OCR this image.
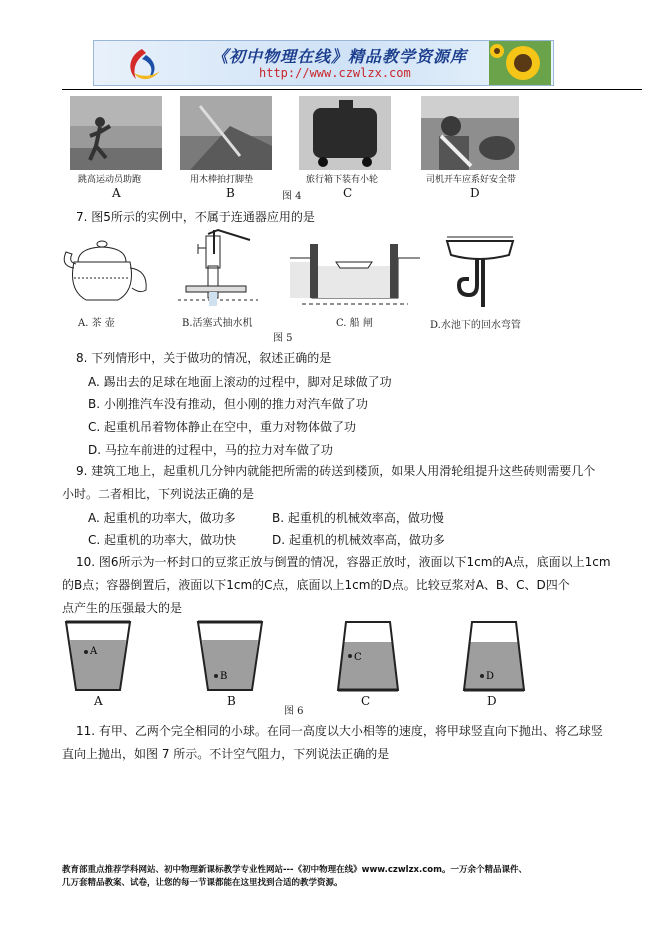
《初中物理在线》精品教学资源库
http://www.czwlzx.com
跳高运动员助跑	用木棒拍打脚垫	旅行箱下装有小轮	司机开车应系好安全带
A	B	图 4	C	D
7. 图5所示的实例中，不属于连通器应用的是
A. 茶 壶	B.活塞式抽水机	C. 船 闸	D.水池下的回水弯管
图 5
8. 下列情形中，关于做功的情况，叙述正确的是
A. 踢出去的足球在地面上滚动的过程中，脚对足球做了功
B. 小刚推汽车没有推动，但小刚的推力对汽车做了功
C. 起重机吊着物体静止在空中，重力对物体做了功
D. 马拉车前进的过程中，马的拉力对车做了功
9. 建筑工地上，起重机几分钟内就能把所需的砖送到楼顶，如果人用滑轮组提升这些砖则需要几个
小时。二者相比，下列说法正确的是
A. 起重机的功率大，做功多	B. 起重机的机械效率高，做功慢
C. 起重机的功率大，做功快	D. 起重机的机械效率高，做功多
10. 图6所示为一杯封口的豆浆正放与倒置的情况，容器正放时，液面以下1cm的A点，底面以上1cm
的B点；容器倒置后，液面以下1cm的C点，底面以上1cm的D点。比较豆浆对A、B、C、D四个
点产生的压强最大的是
A
B
C
D
A	B
图 6
C	D
11. 有甲、乙两个完全相同的小球。在同一高度以大小相等的速度，将甲球竖直向下抛出、将乙球竖
直向上抛出，如图 7 所示。不计空气阻力，下列说法正确的是
教育部重点推荐学科网站、初中物理新课标教学专业性网站---《初中物理在线》www.czwlzx.com。一万余个精品课件、
几万套精品教案、试卷，让您的每一节课都能在这里找到合适的教学资源。
